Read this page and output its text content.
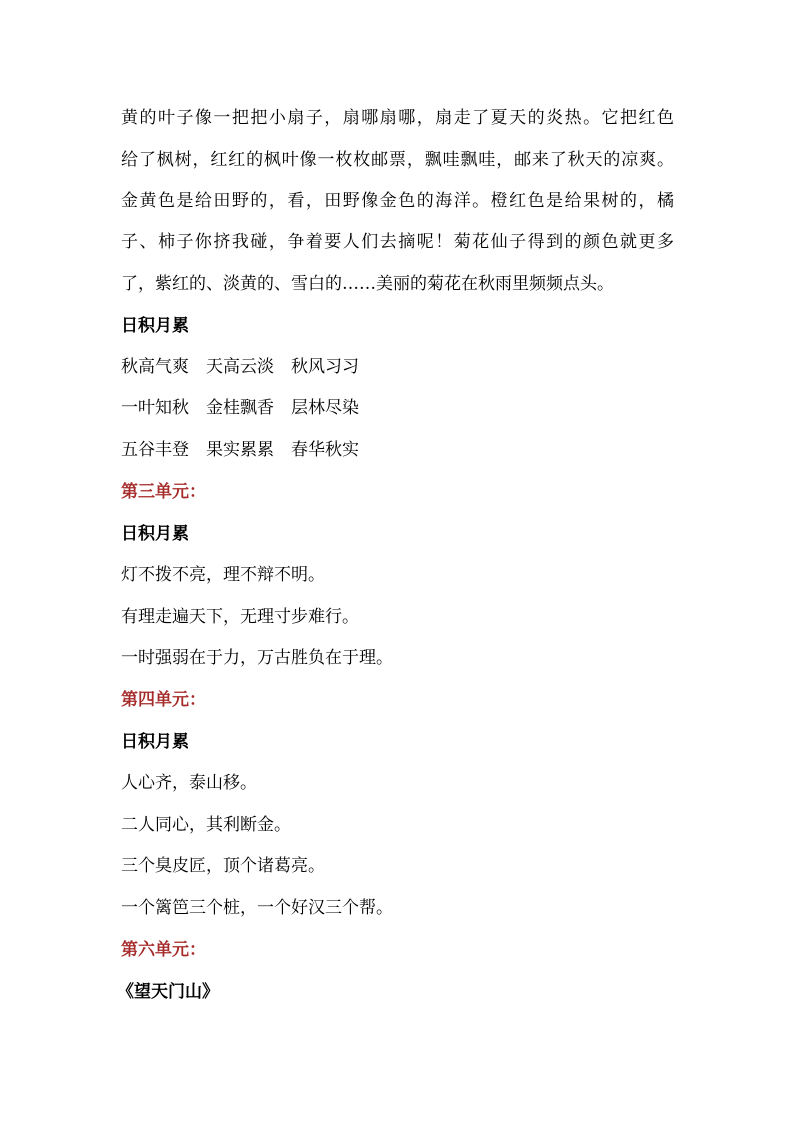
黄的叶子像一把把小扇子，扇哪扇哪，扇走了夏天的炎热。它把红色
给了枫树，红红的枫叶像一枚枚邮票，飘哇飘哇，邮来了秋天的凉爽。
金黄色是给田野的，看，田野像金色的海洋。橙红色是给果树的，橘
子、柿子你挤我碰，争着要人们去摘呢！菊花仙子得到的颜色就更多
了，紫红的、淡黄的、雪白的……美丽的菊花在秋雨里频频点头。
日积月累
秋高气爽　天高云淡　秋风习习
一叶知秋　金桂飘香　层林尽染
五谷丰登　果实累累　春华秋实
第三单元：
日积月累
灯不拨不亮，理不辩不明。
有理走遍天下，无理寸步难行。
一时强弱在于力，万古胜负在于理。
第四单元：
日积月累
人心齐，泰山移。
二人同心，其利断金。
三个臭皮匠，顶个诸葛亮。
一个篱笆三个桩，一个好汉三个帮。
第六单元：
《望天门山》
